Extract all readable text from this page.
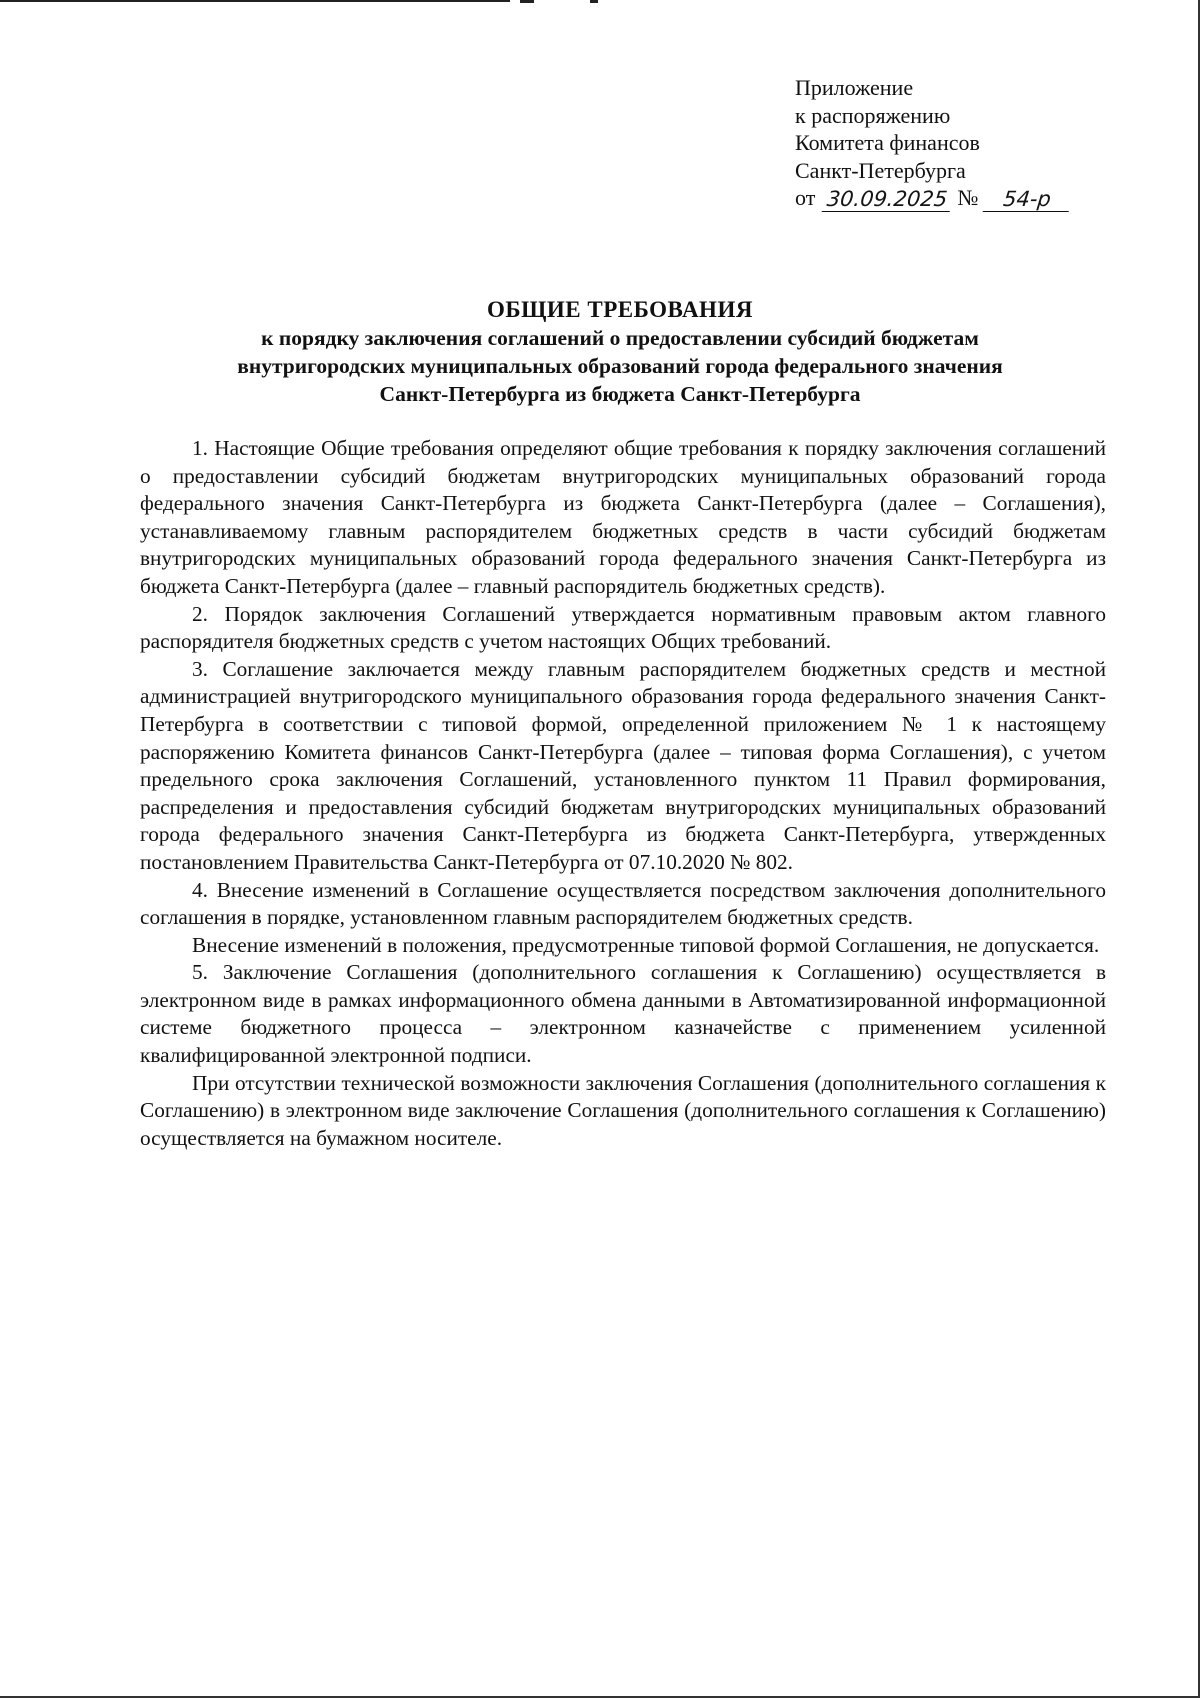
Приложение
к распоряжению
Комитета финансов
Санкт-Петербурга
от 30.09.2025 №	54-р
ОБЩИЕ ТРЕБОВАНИЯ
к порядку заключения соглашений о предоставлении субсидий бюджетам
внутригородских муниципальных образований города федерального значения
Санкт-Петербурга из бюджета Санкт-Петербурга

1. Настоящие Общие требования определяют общие требования к порядку заключения соглашений о предоставлении субсидий бюджетам внутригородских муниципальных образований города федерального значения Санкт-Петербурга из бюджета Санкт-Петербурга (далее – Соглашения), устанавливаемому главным распорядителем бюджетных средств в части субсидий бюджетам внутригородских муниципальных образований города федерального значения Санкт-Петербурга из бюджета Санкт-Петербурга (далее – главный распорядитель бюджетных средств).

2. Порядок заключения Соглашений утверждается нормативным правовым актом главного распорядителя бюджетных средств с учетом настоящих Общих требований.

3. Соглашение заключается между главным распорядителем бюджетных средств и местной администрацией внутригородского муниципального образования города федерального значения Санкт-Петербурга в соответствии с типовой формой, определенной приложением № 1 к настоящему распоряжению Комитета финансов Санкт-Петербурга (далее – типовая форма Соглашения), с учетом предельного срока заключения Соглашений, установленного пунктом 11 Правил формирования, распределения и предоставления субсидий бюджетам внутригородских муниципальных образований города федерального значения Санкт-Петербурга из бюджета Санкт-Петербурга, утвержденных постановлением Правительства Санкт-Петербурга от 07.10.2020 № 802.

4. Внесение изменений в Соглашение осуществляется посредством заключения дополнительного соглашения в порядке, установленном главным распорядителем бюджетных средств.

Внесение изменений в положения, предусмотренные типовой формой Соглашения, не допускается.

5. Заключение Соглашения (дополнительного соглашения к Соглашению) осуществляется в электронном виде в рамках информационного обмена данными в Автоматизированной информационной системе бюджетного процесса – электронном казначействе с применением усиленной квалифицированной электронной подписи.

При отсутствии технической возможности заключения Соглашения (дополнительного соглашения к Соглашению) в электронном виде заключение Соглашения (дополнительного соглашения к Соглашению) осуществляется на бумажном носителе.
